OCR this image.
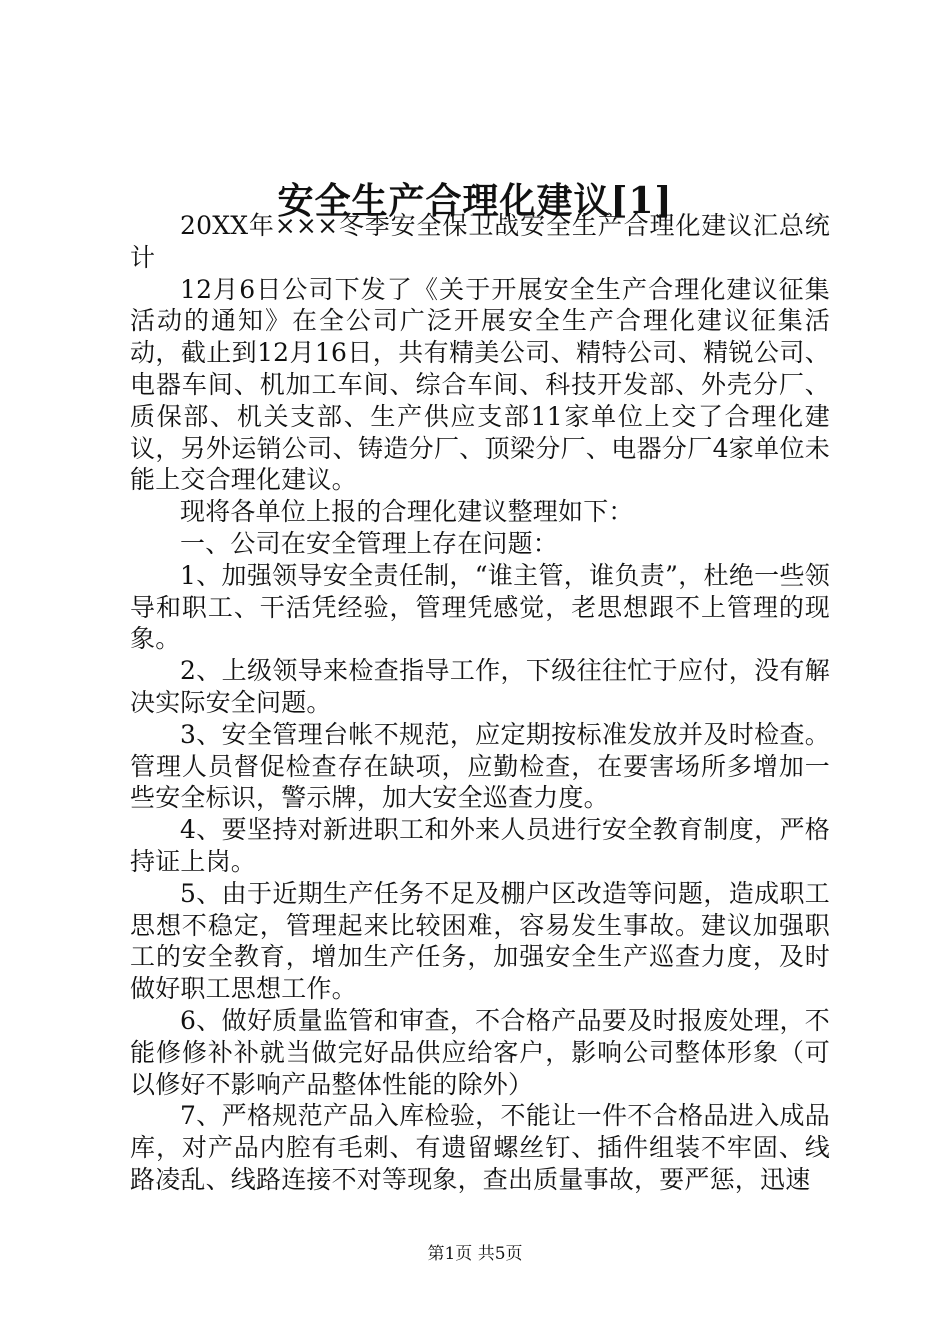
安全生产合理化建议[1]

20XX年×××冬季安全保卫战安全生产合理化建议汇总统计

12月6日公司下发了《关于开展安全生产合理化建议征集活动的通知》在全公司广泛开展安全生产合理化建议征集活动，截止到12月16日，共有精美公司、精特公司、精锐公司、电器车间、机加工车间、综合车间、科技开发部、外壳分厂、质保部、机关支部、生产供应支部11家单位上交了合理化建议，另外运销公司、铸造分厂、顶梁分厂、电器分厂4家单位未能上交合理化建议。

现将各单位上报的合理化建议整理如下：

一、公司在安全管理上存在问题：

1、加强领导安全责任制，“谁主管，谁负责”，杜绝一些领导和职工、干活凭经验，管理凭感觉，老思想跟不上管理的现象。

2、上级领导来检查指导工作，下级往往忙于应付，没有解决实际安全问题。

3、安全管理台帐不规范，应定期按标准发放并及时检查。管理人员督促检查存在缺项，应勤检查，在要害场所多增加一些安全标识，警示牌，加大安全巡查力度。

4、要坚持对新进职工和外来人员进行安全教育制度，严格持证上岗。

5、由于近期生产任务不足及棚户区改造等问题，造成职工思想不稳定，管理起来比较困难，容易发生事故。建议加强职工的安全教育，增加生产任务，加强安全生产巡查力度，及时做好职工思想工作。

6、做好质量监管和审查，不合格产品要及时报废处理，不能修修补补就当做完好品供应给客户，影响公司整体形象（可以修好不影响产品整体性能的除外）

7、严格规范产品入库检验，不能让一件不合格品进入成品库，对产品内腔有毛刺、有遗留螺丝钉、插件组装不牢固、线路凌乱、线路连接不对等现象，查出质量事故，要严惩，迅速

第1页 共5页
